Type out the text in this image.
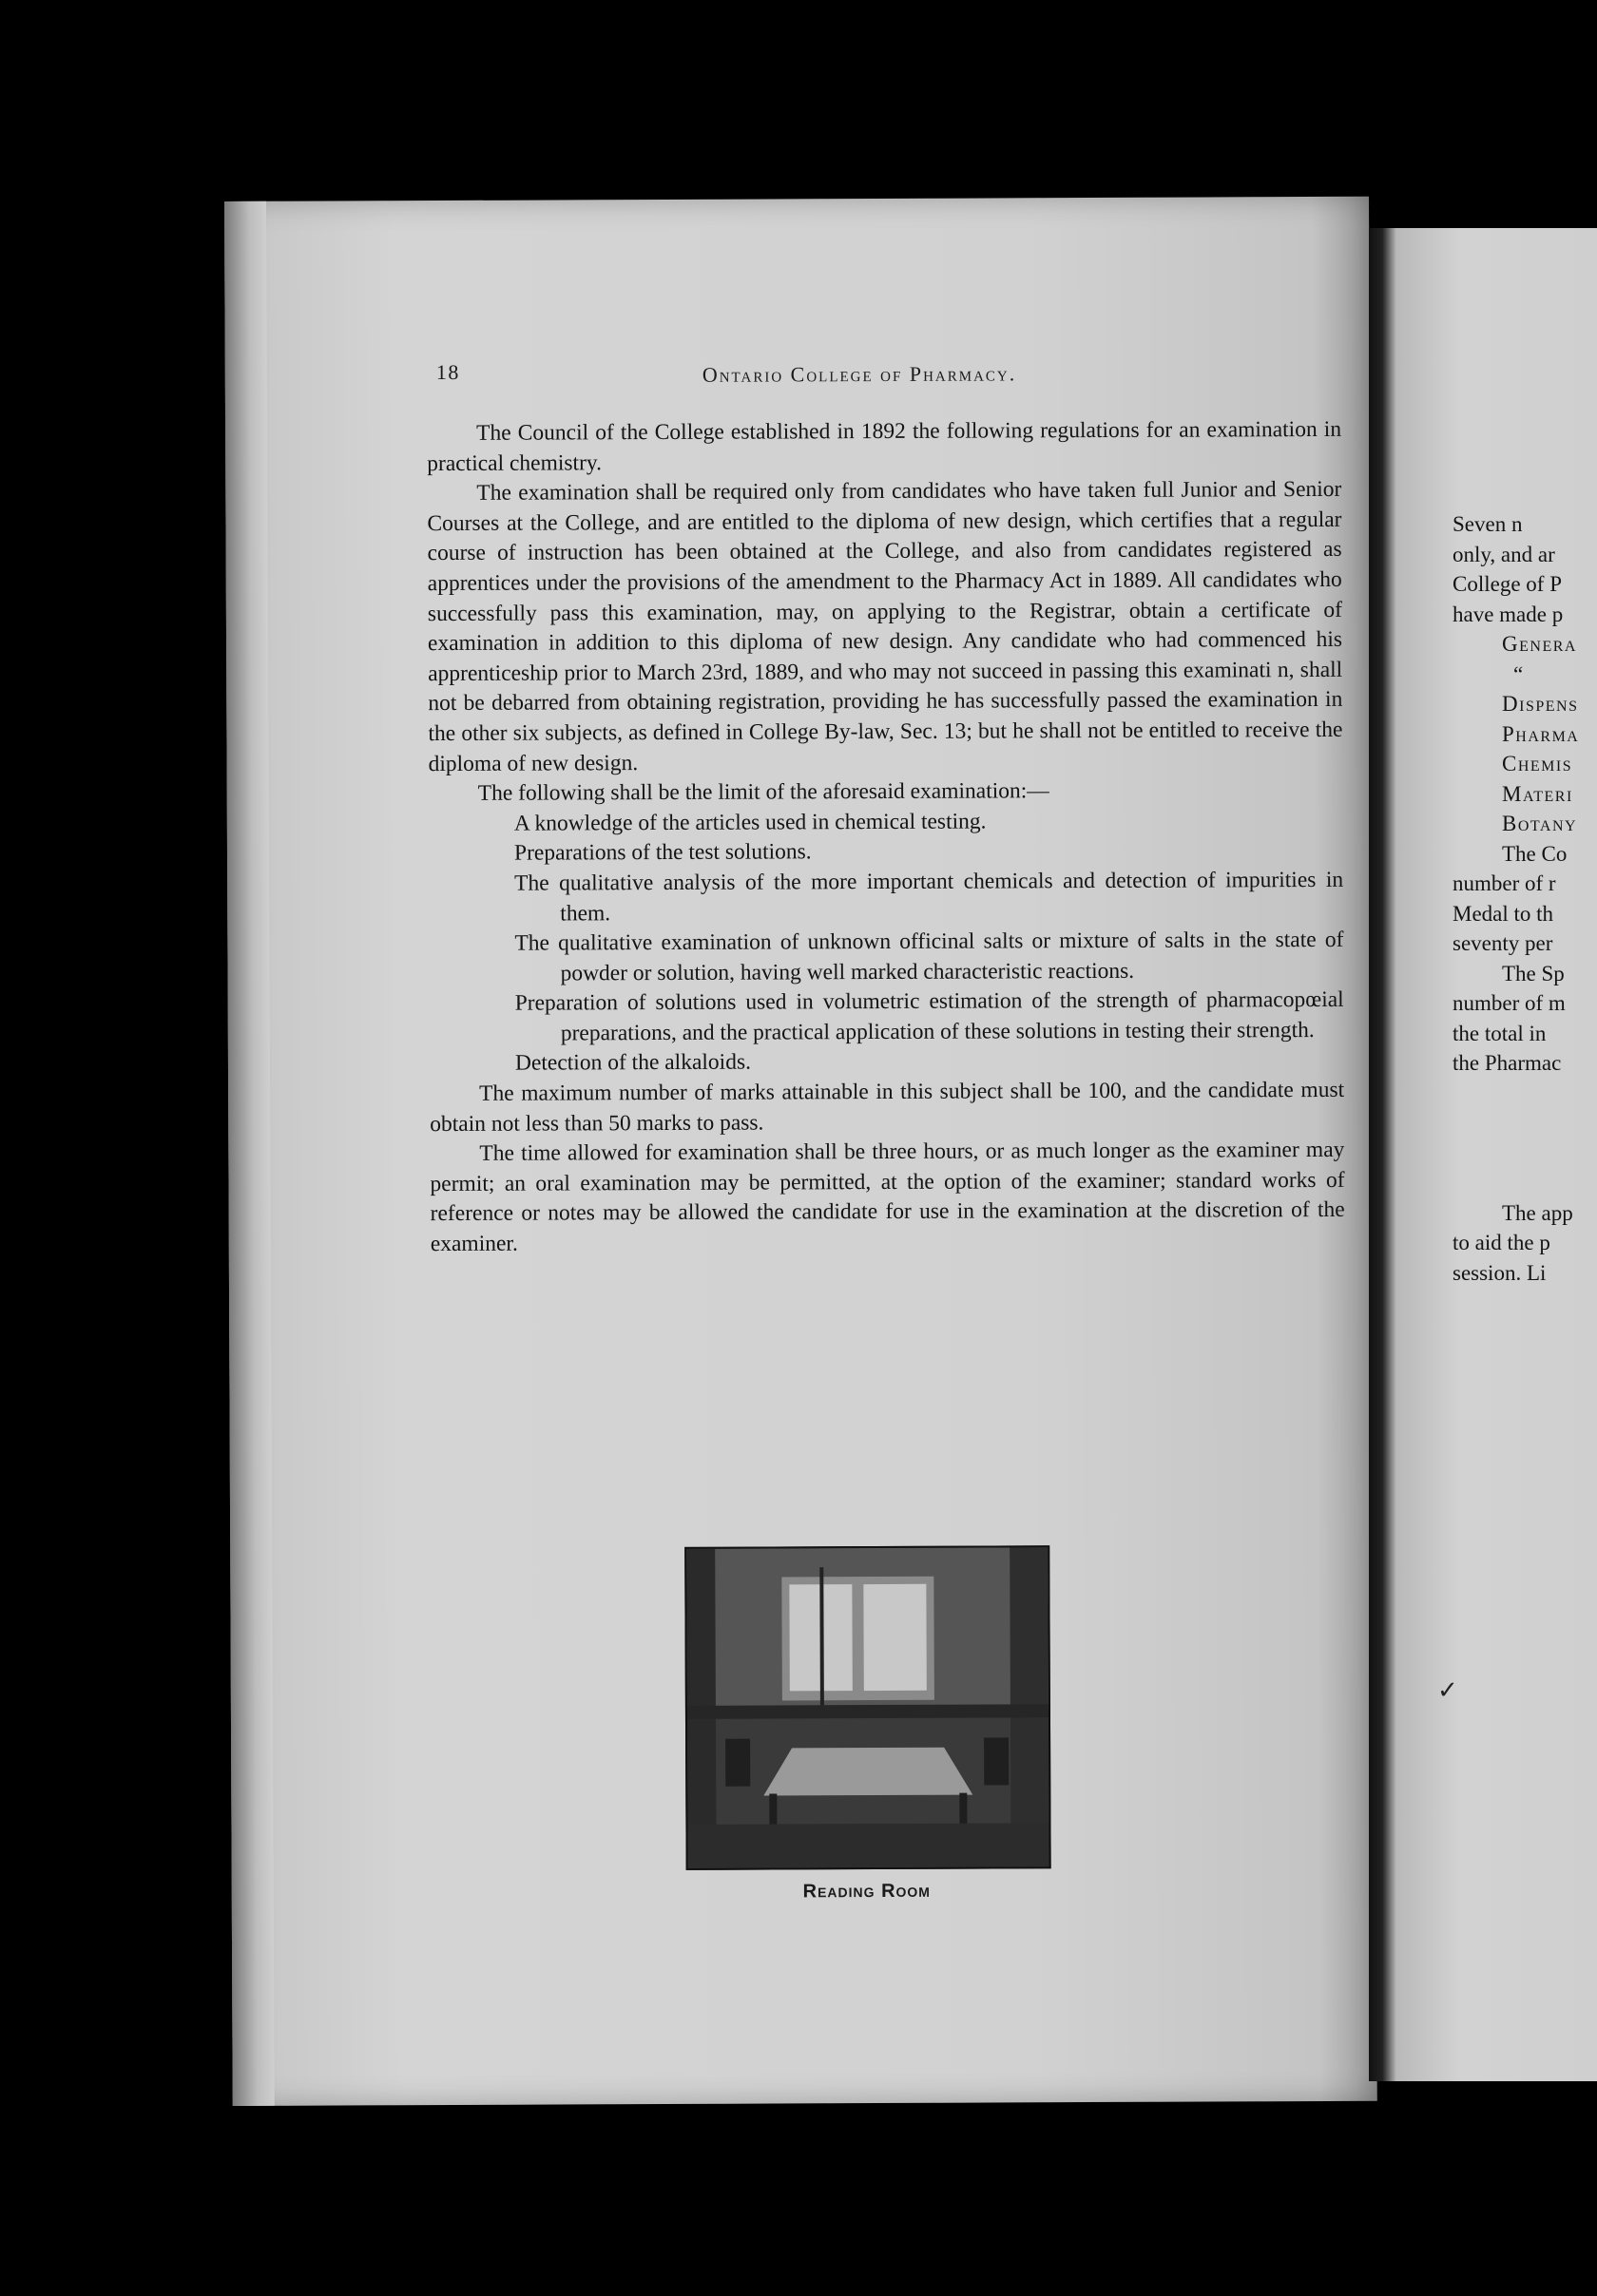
18	Ontario College of Pharmacy.

The Council of the College established in 1892 the following regulations for an examination in practical chemistry.

The examination shall be required only from candidates who have taken full Junior and Senior Courses at the College, and are entitled to the diploma of new design, which certifies that a regular course of instruction has been obtained at the College, and also from candidates registered as apprentices under the provisions of the amendment to the Pharmacy Act in 1889. All candidates who successfully pass this examination, may, on applying to the Registrar, obtain a certificate of examination in addition to this diploma of new design. Any candidate who had commenced his apprenticeship prior to March 23rd, 1889, and who may not succeed in passing this examinati n, shall not be debarred from obtaining registration, providing he has successfully passed the examination in the other six subjects, as defined in College By-law, Sec. 13; but he shall not be entitled to receive the diploma of new design.

The following shall be the limit of the aforesaid examination:—

A knowledge of the articles used in chemical testing.
Preparations of the test solutions.
The qualitative analysis of the more important chemicals and detection of impurities in them.
The qualitative examination of unknown officinal salts or mixture of salts in the state of powder or solution, having well marked characteristic reactions.
Preparation of solutions used in volumetric estimation of the strength of pharmacopœial preparations, and the practical application of these solutions in testing their strength.
Detection of the alkaloids.

The maximum number of marks attainable in this subject shall be 100, and the candidate must obtain not less than 50 marks to pass.

The time allowed for examination shall be three hours, or as much longer as the examiner may permit; an oral examination may be permitted, at the option of the examiner; standard works of reference or notes may be allowed the candidate for use in the examination at the discretion of the examiner.

Reading Room
Seven n
only, and ar
College of P
have made p
Genera
“
Dispens
Pharma
Chemis
Materi
Botany
The Co
number of r
Medal to th
seventy per
The Sp
number of m
the total in
the Pharmac
The app
to aid the p
session. Li
✓
